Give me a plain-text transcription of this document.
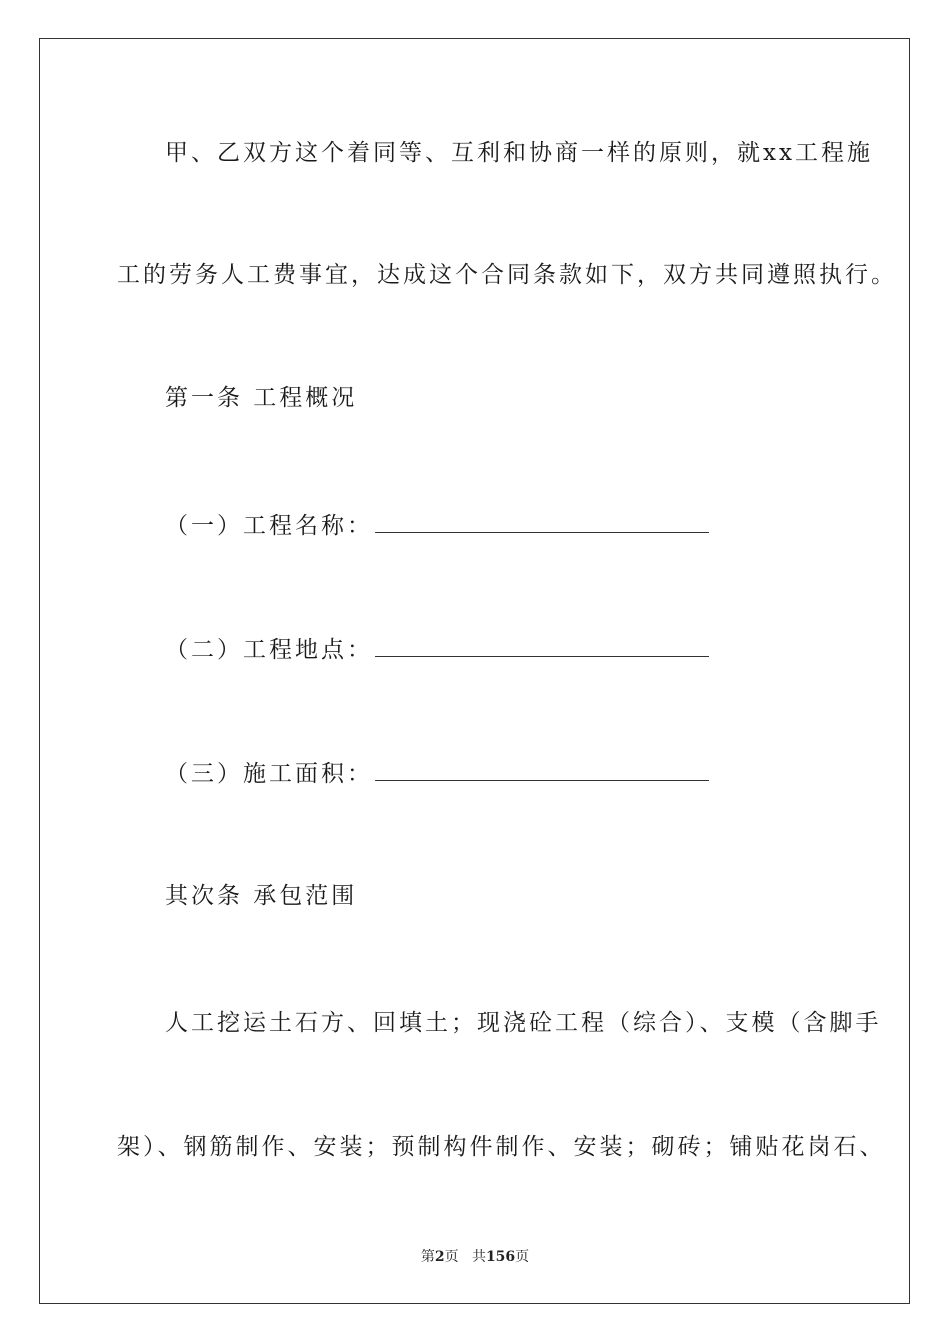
甲、乙双方这个着同等、互利和协商一样的原则，就xx工程施
工的劳务人工费事宜，达成这个合同条款如下，双方共同遵照执行。
第一条 工程概况
（一）工程名称：
（二）工程地点：
（三）施工面积：
其次条 承包范围
人工挖运土石方、回填土；现浇砼工程（综合）、支模（含脚手
架）、钢筋制作、安装；预制构件制作、安装；砌砖；铺贴花岗石、
第2页 共156页
